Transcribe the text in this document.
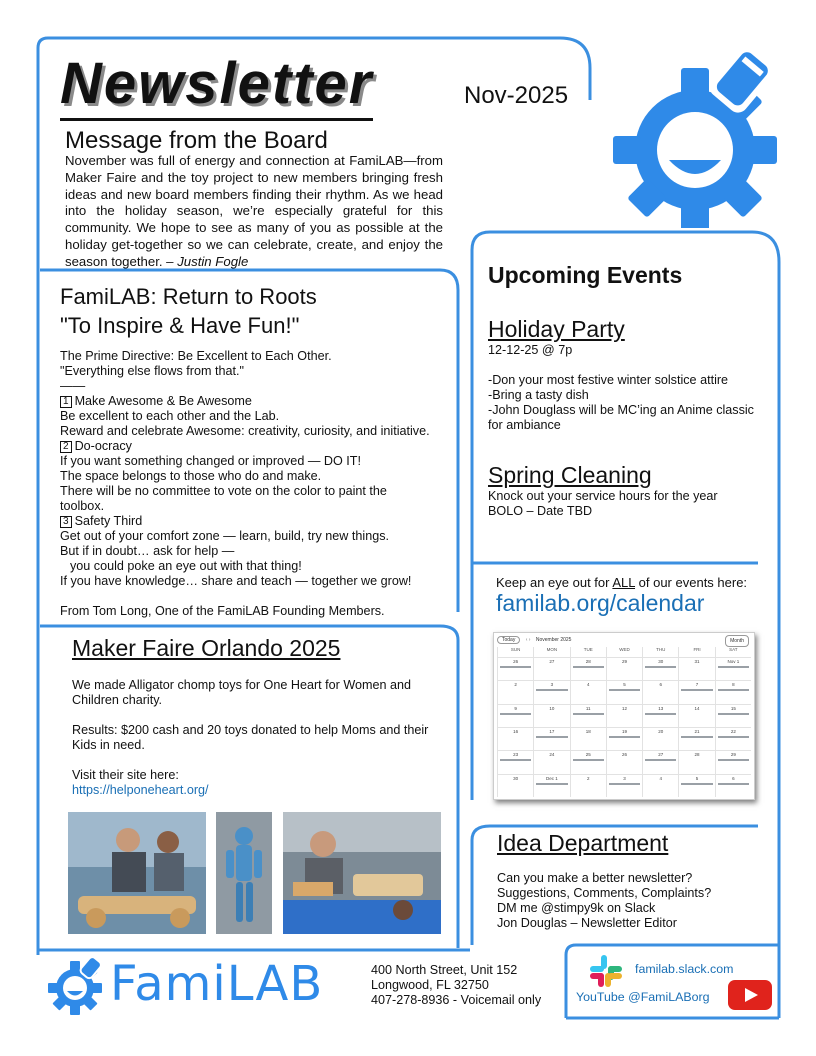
Newsletter	Nov-2025
Message from the Board
November was full of energy and connection at FamiLAB—from Maker Faire and the toy project to new members bringing fresh ideas and new board members finding their rhythm. As we head into the holiday season, we’re especially grateful for this community. We hope to see as many of you as possible at the holiday get-together so we can celebrate, create, and enjoy the season together. – Justin Fogle
FamiLAB: Return to Roots
"To Inspire & Have Fun!"

The Prime Directive: Be Excellent to Each Other.

"Everything else flows from that."

——

1 Make Awesome & Be Awesome

Be excellent to each other and the Lab.

Reward and celebrate Awesome: creativity, curiosity, and initiative.

2 Do-ocracy

If you want something changed or improved — DO IT!

The space belongs to those who do and make.

There will be no committee to vote on the color to paint the

toolbox.

3 Safety Third

Get out of your comfort zone — learn, build, try new things.

But if in doubt… ask for help —

you could poke an eye out with that thing!

If you have knowledge… share and teach — together we grow!

From Tom Long, One of the FamiLAB Founding Members.

Maker Faire Orlando 2025

We made Alligator chomp toys for One Heart for Women and Children charity.

Results: $200 cash and 20 toys donated to help Moms and their Kids in need.

Visit their site here:

https://helponeheart.org/
Upcoming Events
Holiday Party
12-12-25 @ 7p
-Don your most festive winter solstice attire
-Bring a tasty dish
-John Douglass will be MC’ing an Anime classic for ambiance
Spring Cleaning
Knock out your service hours for the year
BOLO – Date TBD
Keep an eye out for ALL of our events here:
familab.org/calendar
Today ‹ › November 2025	Month
SUN	MON	TUE	WED	THU	FRI	SAT
26	27	28	29	30	31	Nov 1
2	3	4	5	6	7	8
9	10	11	12	13	14	15
16	17	18	19	20	21	22
23	24	25	26	27	28	29
30	Dec 1	2	3	4	5	6
Idea Department
Can you make a better newsletter?
Suggestions, Comments, Complaints?
DM me @stimpy9k on Slack
Jon Douglas – Newsletter Editor
FamiLAB	400 North Street, Unit 152
Longwood, FL 32750
407-278-8936 - Voicemail only
familab.slack.com
YouTube @FamiLABorg
